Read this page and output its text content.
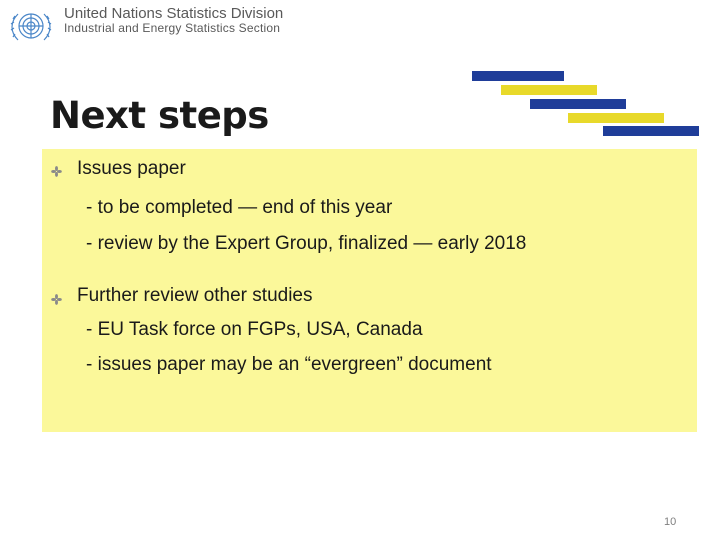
United Nations Statistics Division
Industrial and Energy Statistics Section
Next steps
Issues paper
- to be completed — end of this year
- review by the Expert Group, finalized — early 2018
Further review other studies
- EU Task force on FGPs, USA, Canada
- issues paper may be an “evergreen” document
10
